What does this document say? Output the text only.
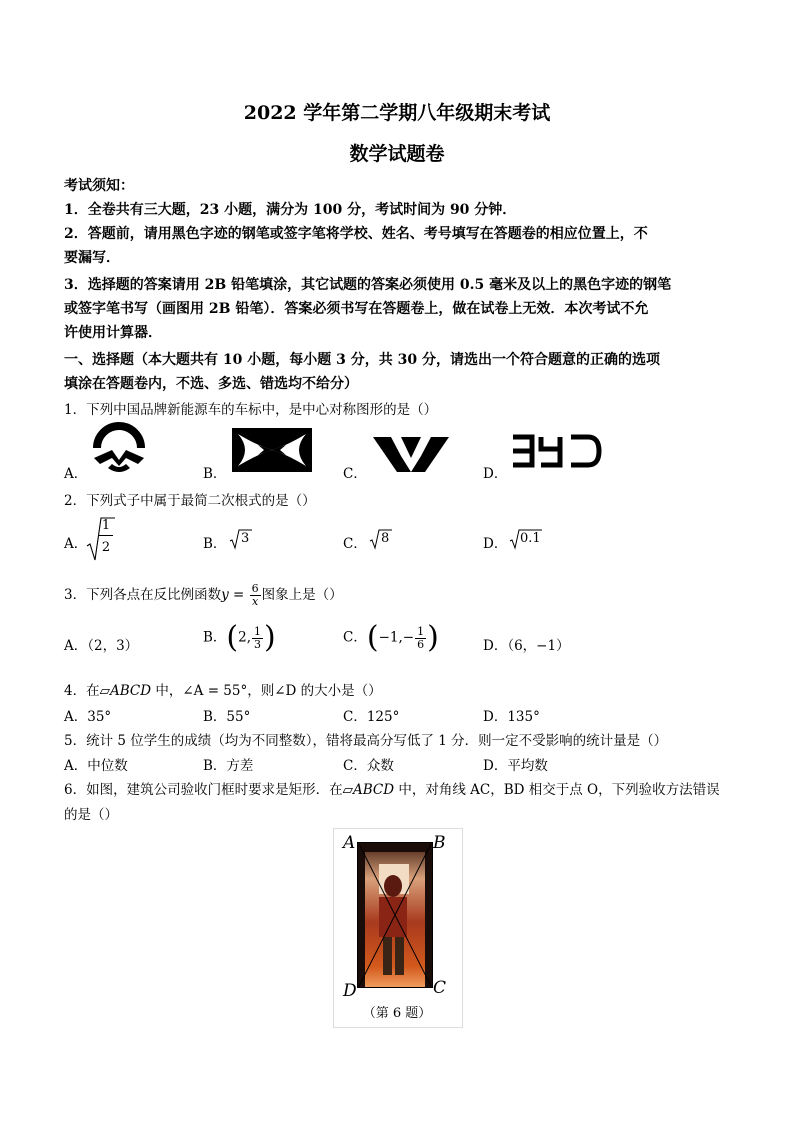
2022 学年第二学期八年级期末考试
数学试题卷
考试须知：
1．全卷共有三大题，23 小题，满分为 100 分，考试时间为 90 分钟．
2．答题前，请用黑色字迹的钢笔或签字笔将学校、姓名、考号填写在答题卷的相应位置上，不
要漏写．
3．选择题的答案请用 2B 铅笔填涂，其它试题的答案必须使用 0.5 毫米及以上的黑色字迹的钢笔
或签字笔书写（画图用 2B 铅笔）．答案必须书写在答题卷上，做在试卷上无效．本次考试不允
许使用计算器．
一、选择题（本大题共有 10 小题，每小题 3 分，共 30 分，请选出一个符合题意的正确的选项
填涂在答题卷内，不选、多选、错选均不给分）
1．下列中国品牌新能源车的车标中，是中心对称图形的是（）
A．	B．	C．	D．
2．下列式子中属于最简二次根式的是（）
A．
1
2	B． 3	C． 8	D． 0.1
3．下列各点在反比例函数$y = \frac{6}{x}$ 图象上是（）
A．（2，3）
B．(2, $\frac{1}{3}$ )	C．($-1,- \frac{1}{6}$ )	D．（6，−1）
4．在▱ABCD 中，∠A = 55°，则∠D 的大小是（）
A．35°	B．55°	C．125°	D．135°
5．统计 5 位学生的成绩（均为不同整数），错将最高分写低了 1 分．则一定不受影响的统计量是（）
A．中位数	B．方差	C．众数	D．平均数
6．如图，建筑公司验收门框时要求是矩形．在▱ABCD 中，对角线 AC，BD 相交于点 O，下列验收方法错误
的是（）
A	B
D	C
（第 6 题）
